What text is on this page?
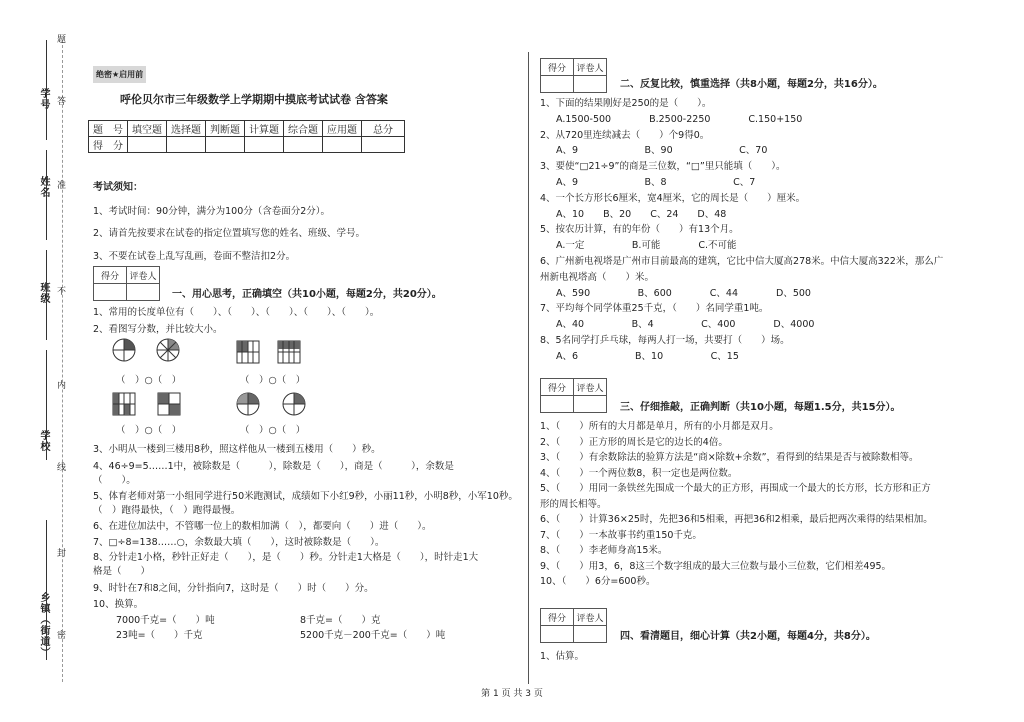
题
学号 答
姓名 准
班级 不
内
学校
线
封
乡镇（街道） 密
绝密★启用前
呼伦贝尔市三年级数学上学期期中摸底考试试卷 含答案
题　号	填空题	选择题	判断题	计算题	综合题	应用题	总分
得　分							
考试须知：
1、考试时间：90分钟，满分为100分（含卷面分2分）。
2、请首先按要求在试卷的指定位置填写您的姓名、班级、学号。
3、不要在试卷上乱写乱画，卷面不整洁扣2分。
得分	评卷人

一、用心思考，正确填空（共10小题，每题2分，共20分）。
1、常用的长度单位有（　　）、（　　）、（　　）、（　　）、（　　）。
2、看图写分数，并比较大小。
（　）○（　）	（　）○（　）
（　）○（　）	（　）○（　）
3、小明从一楼到三楼用8秒，照这样他从一楼到五楼用（　　）秒。
4、46÷9=5……1中，被除数是（　　　），除数是（　　），商是（　　　），余数是
（　　）。
5、体育老师对第一小组同学进行50米跑测试，成绩如下小红9秒，小丽11秒，小明8秒，小军10秒。
（　）跑得最快，（　）跑得最慢。
6、在进位加法中，不管哪一位上的数相加满（　），都要向（　　）进（　　）。
7、□÷8=138……○，余数最大填（　　），这时被除数是（　　）。
8、分针走1小格，秒针正好走（　　），是（　　）秒。分针走1大格是（　　），时针走1大
格是（　　）
9、时针在7和8之间，分针指向7，这时是（　　）时（　　）分。
10、换算。
7000千克=（　　）吨	8千克=（　　）克
23吨=（　　）千克	5200千克－200千克=（　　）吨
得分	评卷人

二、反复比较，慎重选择（共8小题，每题2分，共16分）。
1、下面的结果刚好是250的是（　　）。
A.1500-500　　　　B.2500-2250　　　　C.150+150
2、从720里连续减去（　　）个9得0。
A、9　　　　　　　B、90　　　　　　　C、70
3、要使“□21÷9”的商是三位数，“□”里只能填（　　）。
A、9　　　　　　　B、8　　　　　　　C、7
4、一个长方形长6厘米，宽4厘米，它的周长是（　　）厘米。
A、10　　B、20　　C、24　　D、48
5、按农历计算，有的年份（　　）有13个月。
A.一定　　　　　B.可能　　　　C.不可能
6、广州新电视塔是广州市目前最高的建筑，它比中信大厦高278米。中信大厦高322米，那么广
州新电视塔高（　　）米。
A、590　　　　　B、600　　　　C、44　　　　D、500
7、平均每个同学体重25千克，（　　）名同学重1吨。
A、40　　　　　B、4　　　　　C、400　　　　D、4000
8、5名同学打乒乓球，每两人打一场，共要打（　　）场。
A、6　　　　　　B、10　　　　　C、15
得分	评卷人

三、仔细推敲，正确判断（共10小题，每题1.5分，共15分）。
1、（　　）所有的大月都是单月，所有的小月都是双月。
2、（　　）正方形的周长是它的边长的4倍。
3、（　　）有余数除法的验算方法是“商×除数+余数”，看得到的结果是否与被除数相等。
4、（　　）一个两位数8，积一定也是两位数。
5、（　　）用同一条铁丝先围成一个最大的正方形，再围成一个最大的长方形，长方形和正方
形的周长相等。
6、（　　）计算36×25时，先把36和5相乘，再把36和2相乘，最后把两次乘得的结果相加。
7、（　　）一本故事书约重150千克。
8、（　　）李老师身高15米。
9、（　　）用3，6，8这三个数字组成的最大三位数与最小三位数，它们相差495。
10、（　　）6分=600秒。
得分	评卷人

四、看清题目，细心计算（共2小题，每题4分，共8分）。
1、估算。
第 1 页 共 3 页
